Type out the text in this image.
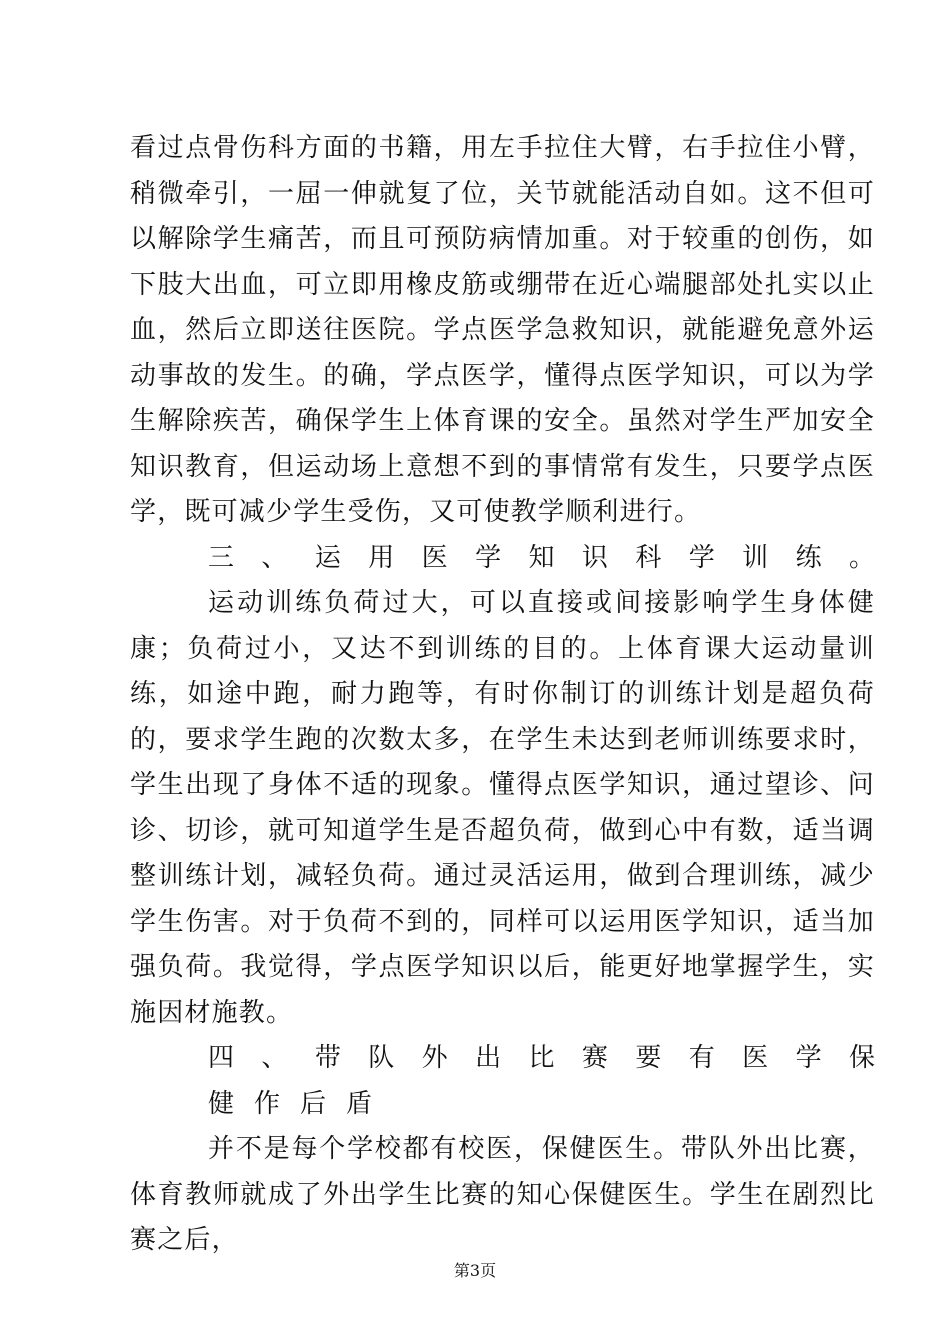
看过点骨伤科方面的书籍，用左手拉住大臂，右手拉住小臂，稍微牵引，一屈一伸就复了位，关节就能活动自如。这不但可以解除学生痛苦，而且可预防病情加重。对于较重的创伤，如下肢大出血，可立即用橡皮筋或绷带在近心端腿部处扎实以止血，然后立即送往医院。学点医学急救知识，就能避免意外运动事故的发生。的确，学点医学，懂得点医学知识，可以为学生解除疾苦，确保学生上体育课的安全。虽然对学生严加安全知识教育，但运动场上意想不到的事情常有发生，只要学点医学，既可减少学生受伤，又可使教学顺利进行。

三、运用医学知识科学训练。

运动训练负荷过大，可以直接或间接影响学生身体健康；负荷过小，又达不到训练的目的。上体育课大运动量训练，如途中跑，耐力跑等，有时你制订的训练计划是超负荷的，要求学生跑的次数太多，在学生未达到老师训练要求时，学生出现了身体不适的现象。懂得点医学知识，通过望诊、问诊、切诊，就可知道学生是否超负荷，做到心中有数，适当调整训练计划，减轻负荷。通过灵活运用，做到合理训练，减少学生伤害。对于负荷不到的，同样可以运用医学知识，适当加强负荷。我觉得，学点医学知识以后，能更好地掌握学生，实施因材施教。

四、带队外出比赛要有医学保

健作后盾

并不是每个学校都有校医，保健医生。带队外出比赛，体育教师就成了外出学生比赛的知心保健医生。学生在剧烈比赛之后，

第3页
